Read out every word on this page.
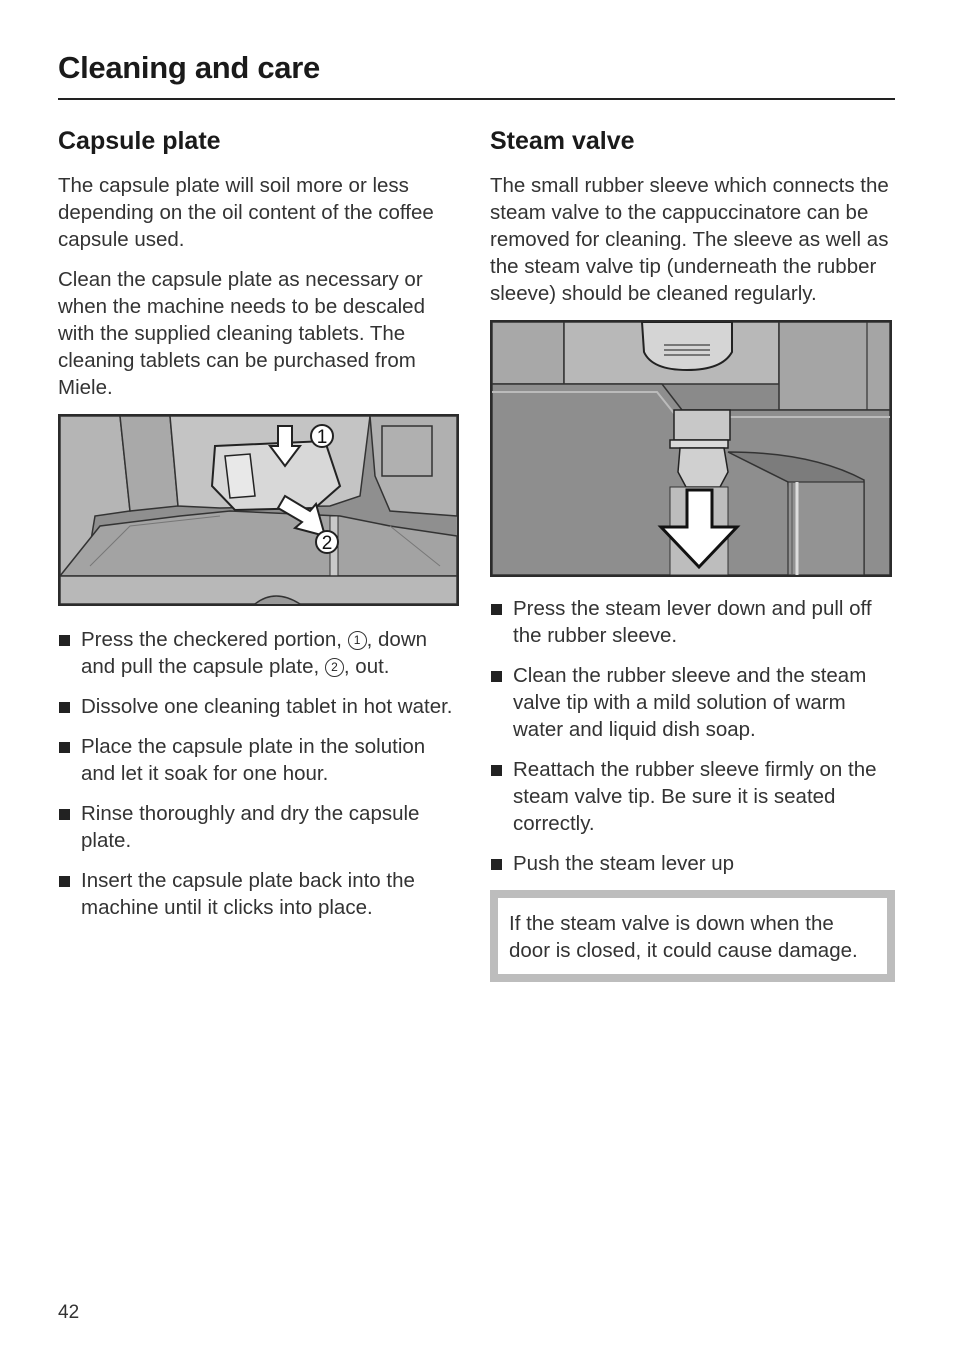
Cleaning and care
Capsule plate

The capsule plate will soil more or less depending on the oil content of the coffee capsule used.

Clean the capsule plate as necessary or when the machine needs to be descaled with the supplied cleaning tablets. The cleaning tablets can be purchased from Miele.

1
2
Press the checkered portion, 1 , down and pull the capsule plate, 2 , out.
Dissolve one cleaning tablet in hot water.
Place the capsule plate in the solution and let it soak for one hour.
Rinse thoroughly and dry the capsule plate.
Insert the capsule plate back into the machine until it clicks into place.
Steam valve

The small rubber sleeve which connects the steam valve to the cappuccinatore can be removed for cleaning. The sleeve as well as the steam valve tip (underneath the rubber sleeve) should be cleaned regularly.

Press the steam lever down and pull off the rubber sleeve.
Clean the rubber sleeve and the steam valve tip with a mild solution of warm water and liquid dish soap.
Reattach the rubber sleeve firmly on the steam valve tip. Be sure it is seated correctly.
Push the steam lever up

If the steam valve is down when the door is closed, it could cause damage.

42
